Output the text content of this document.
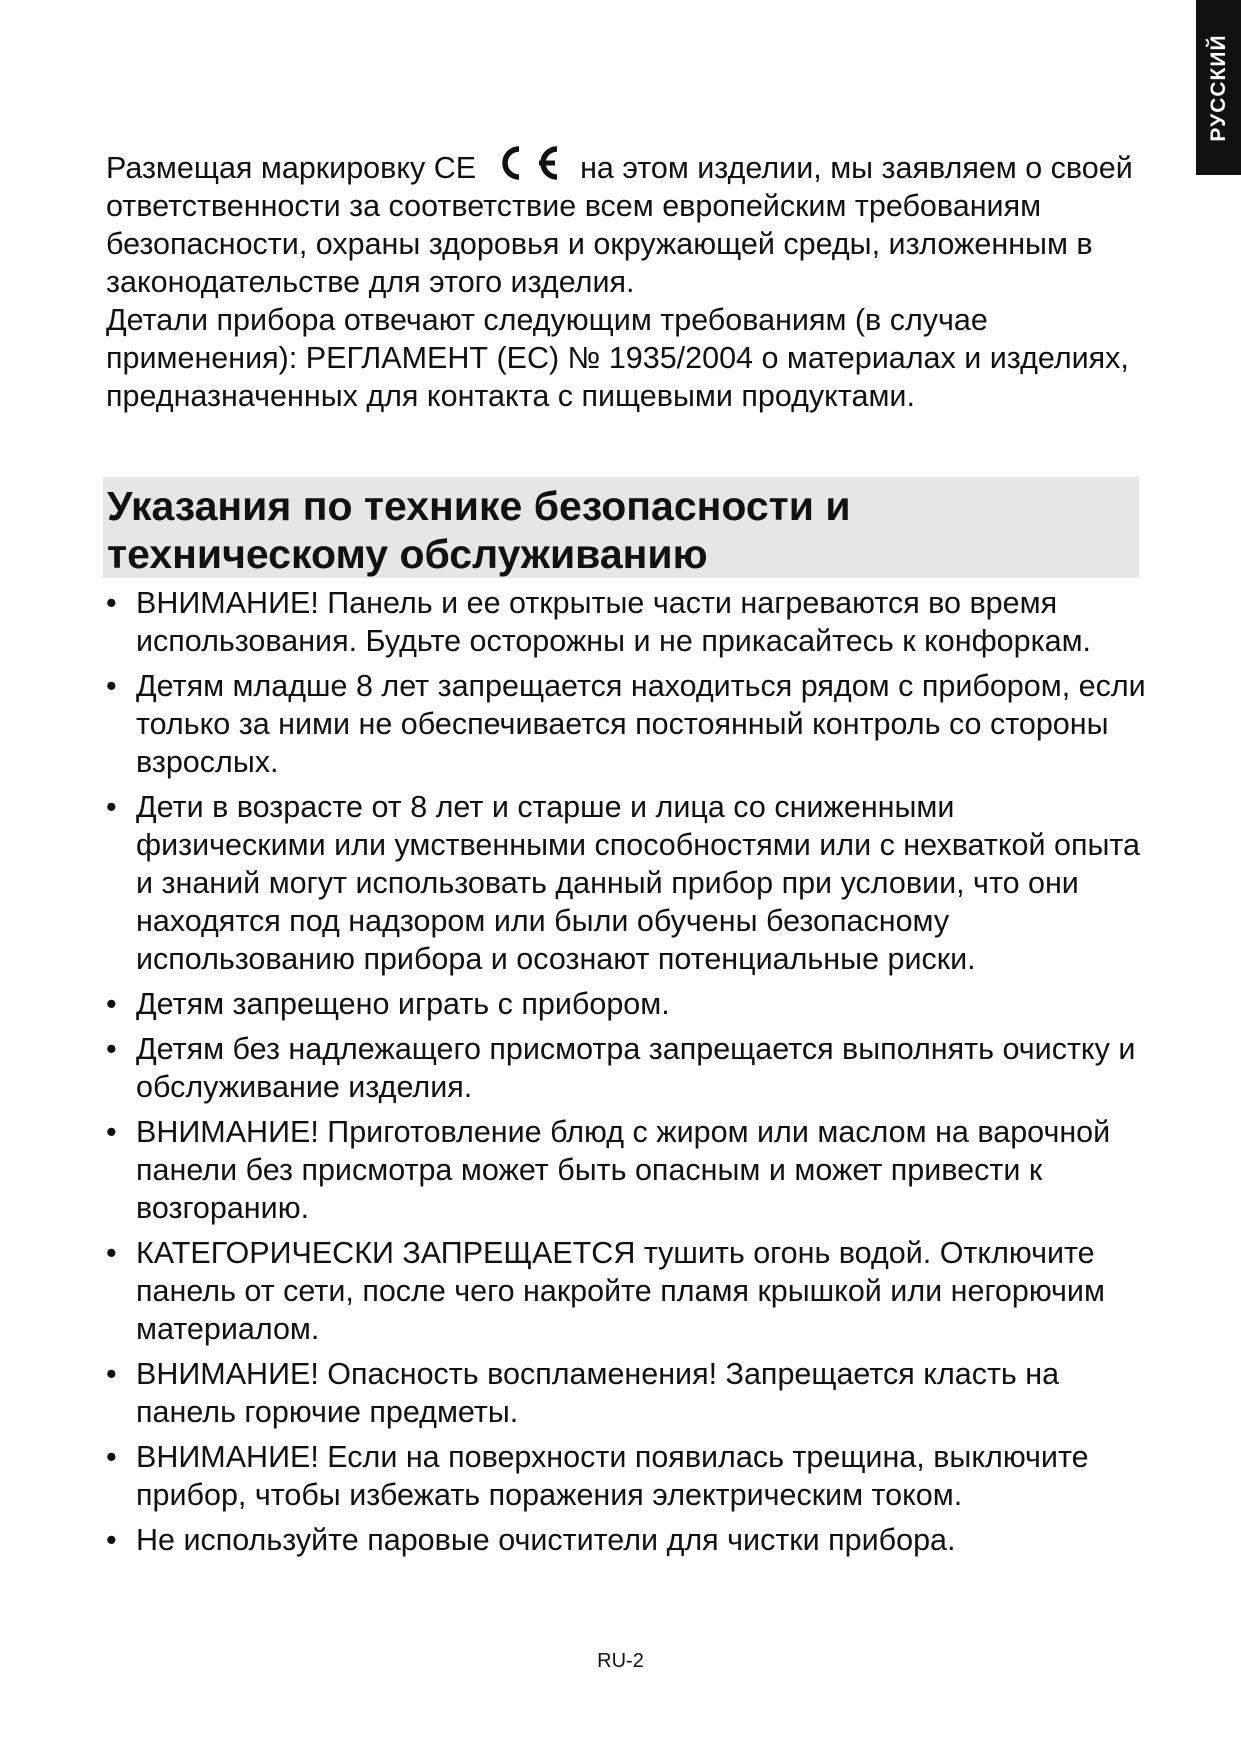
РУССКИЙ

Размещая маркировку CE	на этом изделии, мы заявляем о своей ответственности за соответствие всем европейским требованиям безопасности, охраны здоровья и окружающей среды, изложенным в законодательстве для этого изделия.

Детали прибора отвечают следующим требованиям (в случае применения): РЕГЛАМЕНТ (ЕС) № 1935/2004 о материалах и изделиях, предназначенных для контакта с пищевыми продуктами.

Указания по технике безопасности и техническому обслуживанию
• ВНИМАНИЕ! Панель и ее открытые части нагреваются во время использования. Будьте осторожны и не прикасайтесь к конфоркам.
• Детям младше 8 лет запрещается находиться рядом с прибором, если только за ними не обеспечивается постоянный контроль со стороны взрослых.
• Дети в возрасте от 8 лет и старше и лица со сниженными физическими или умственными способностями или с нехваткой опыта и знаний могут использовать данный прибор при условии, что они находятся под надзором или были обучены безопасному использованию прибора и осознают потенциальные риски.
• Детям запрещено играть с прибором.
• Детям без надлежащего присмотра запрещается выполнять очистку и обслуживание изделия.
• ВНИМАНИЕ! Приготовление блюд с жиром или маслом на варочной панели без присмотра может быть опасным и может привести к возгоранию.
• КАТЕГОРИЧЕСКИ ЗАПРЕЩАЕТСЯ тушить огонь водой. Отключите панель от сети, после чего накройте пламя крышкой или негорючим материалом.
• ВНИМАНИЕ! Опасность воспламенения! Запрещается класть на панель горючие предметы.
• ВНИМАНИЕ! Если на поверхности появилась трещина, выключите прибор, чтобы избежать поражения электрическим током.
• Не используйте паровые очистители для чистки прибора.
RU-2
